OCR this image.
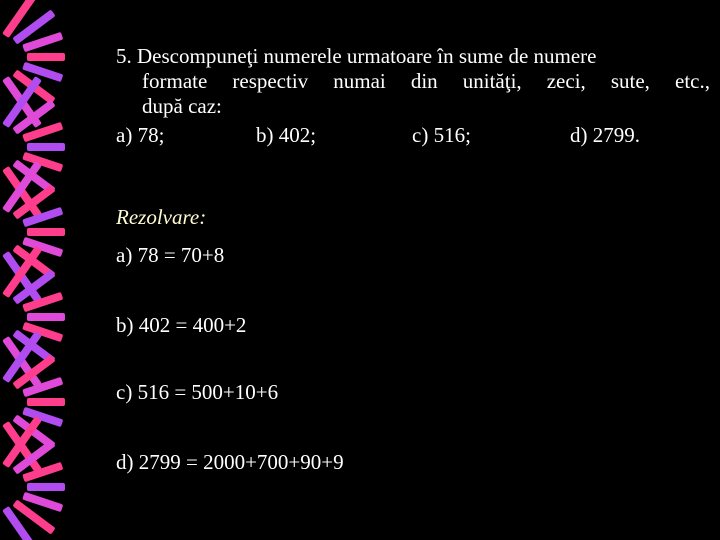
5. Descompuneţi numerele urmatoare în sume de numere
formate respectiv numai din unităţi, zeci, sute, etc.,
după caz:
a) 78;	b) 402;	c) 516;	d) 2799.
Rezolvare:
a) 78 = 70+8
b) 402 = 400+2
c) 516 = 500+10+6
d) 2799 = 2000+700+90+9
